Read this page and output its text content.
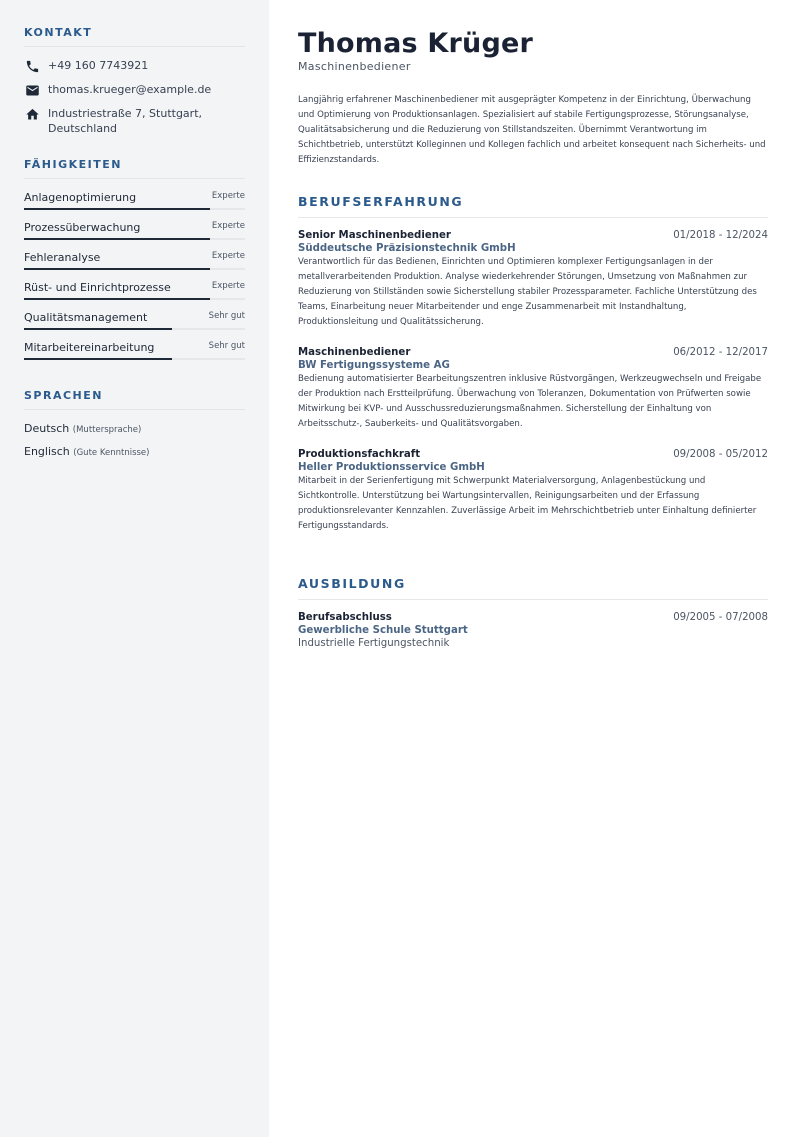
KONTAKT
+49 160 7743921
thomas.krueger@example.de
Industriestraße 7, Stuttgart, Deutschland
FÄHIGKEITEN
Anlagenoptimierung	Experte
Prozessüberwachung	Experte
Fehleranalyse	Experte
Rüst- und Einrichtprozesse	Experte
Qualitätsmanagement	Sehr gut
Mitarbeitereinarbeitung	Sehr gut
SPRACHEN
Deutsch (Muttersprache)
Englisch (Gute Kenntnisse)
Thomas Krüger
Maschinenbediener

Langjährig erfahrener Maschinenbediener mit ausgeprägter Kompetenz in der Einrichtung, Überwachung und Optimierung von Produktionsanlagen. Spezialisiert auf stabile Fertigungsprozesse, Störungsanalyse, Qualitätsabsicherung und die Reduzierung von Stillstandszeiten. Übernimmt Verantwortung im Schichtbetrieb, unterstützt Kolleginnen und Kollegen fachlich und arbeitet konsequent nach Sicherheits- und Effizienzstandards.

BERUFSERFAHRUNG
Senior Maschinenbediener	01/2018 - 12/2024
Süddeutsche Präzisionstechnik GmbH

Verantwortlich für das Bedienen, Einrichten und Optimieren komplexer Fertigungsanlagen in der metallverarbeitenden Produktion. Analyse wiederkehrender Störungen, Umsetzung von Maßnahmen zur Reduzierung von Stillständen sowie Sicherstellung stabiler Prozessparameter. Fachliche Unterstützung des Teams, Einarbeitung neuer Mitarbeitender und enge Zusammenarbeit mit Instandhaltung, Produktionsleitung und Qualitätssicherung.

Maschinenbediener	06/2012 - 12/2017
BW Fertigungssysteme AG

Bedienung automatisierter Bearbeitungszentren inklusive Rüstvorgängen, Werkzeugwechseln und Freigabe der Produktion nach Erstteilprüfung. Überwachung von Toleranzen, Dokumentation von Prüfwerten sowie Mitwirkung bei KVP- und Ausschussreduzierungsmaßnahmen. Sicherstellung der Einhaltung von Arbeitsschutz-, Sauberkeits- und Qualitätsvorgaben.

Produktionsfachkraft	09/2008 - 05/2012
Heller Produktionsservice GmbH

Mitarbeit in der Serienfertigung mit Schwerpunkt Materialversorgung, Anlagenbestückung und Sichtkontrolle. Unterstützung bei Wartungsintervallen, Reinigungsarbeiten und der Erfassung produktionsrelevanter Kennzahlen. Zuverlässige Arbeit im Mehrschichtbetrieb unter Einhaltung definierter Fertigungsstandards.

AUSBILDUNG
Berufsabschluss	09/2005 - 07/2008
Gewerbliche Schule Stuttgart
Industrielle Fertigungstechnik
